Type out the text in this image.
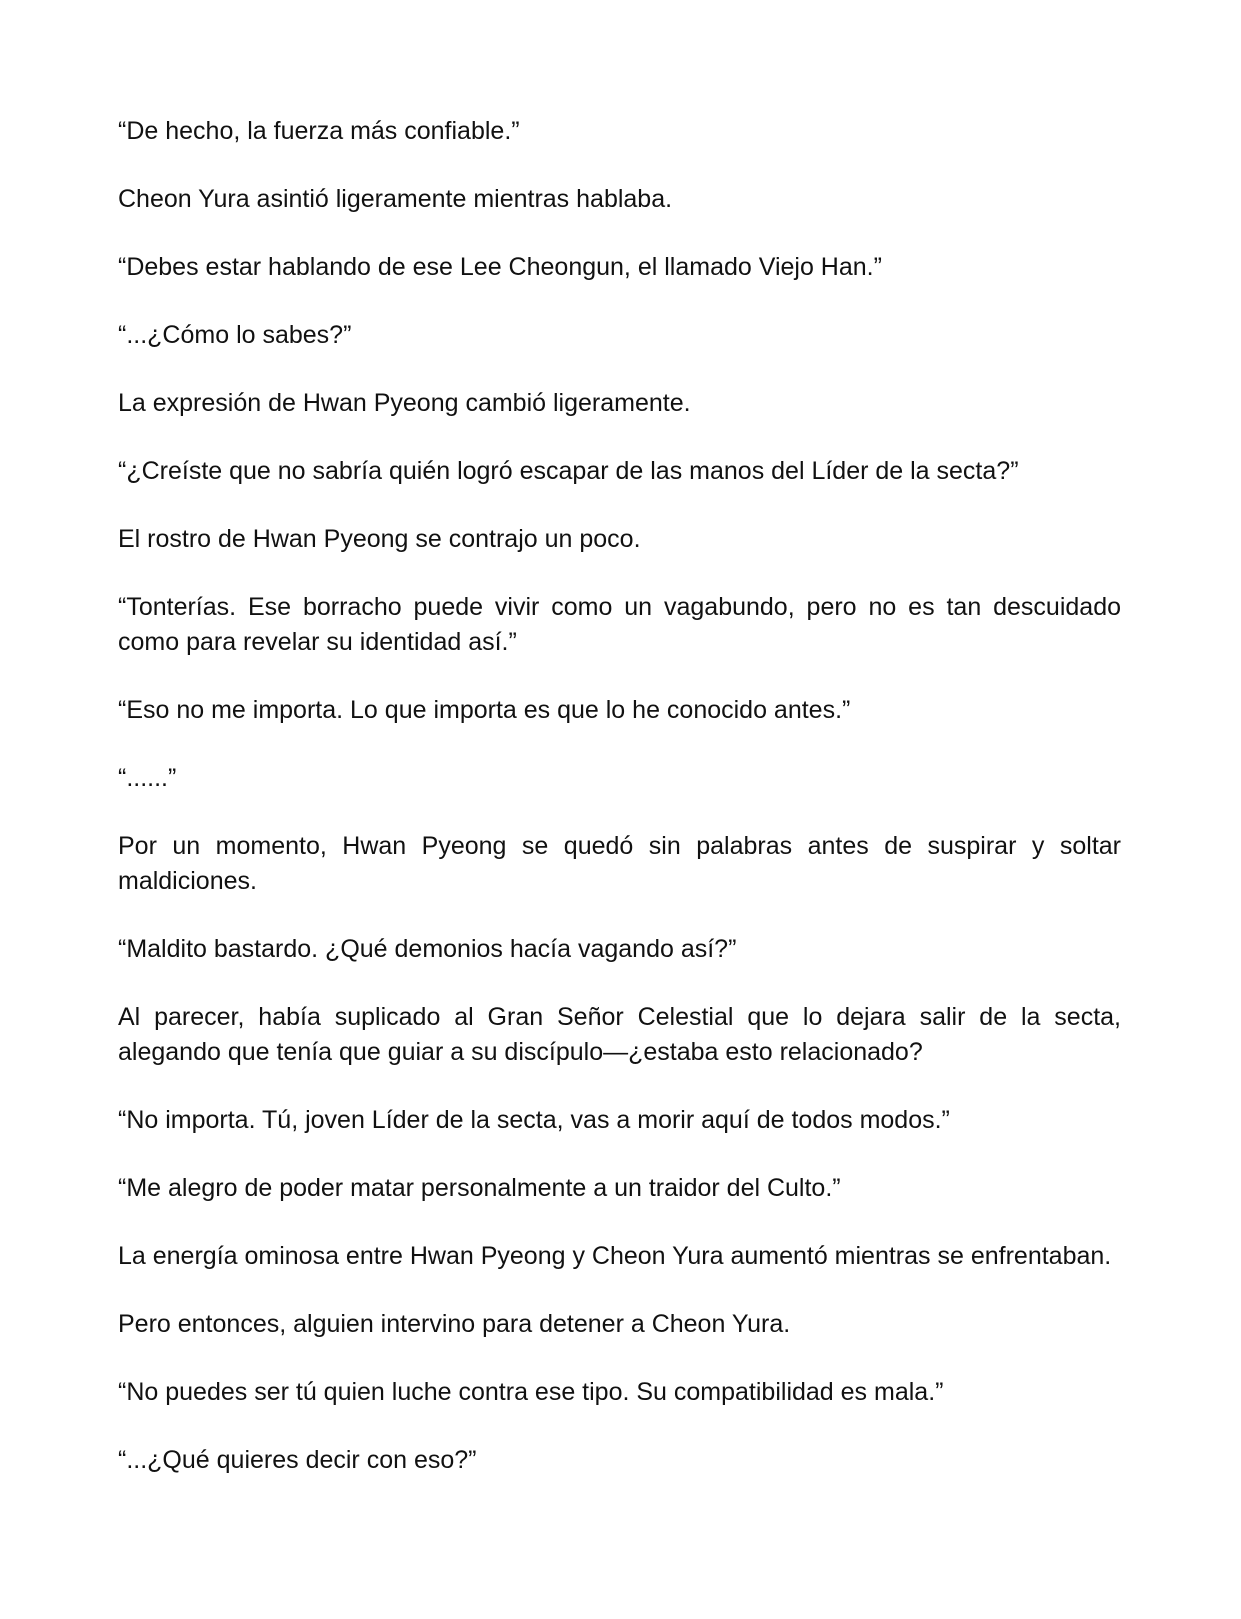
“De hecho, la fuerza más confiable.”

Cheon Yura asintió ligeramente mientras hablaba.

“Debes estar hablando de ese Lee Cheongun, el llamado Viejo Han.”

“...¿Cómo lo sabes?”

La expresión de Hwan Pyeong cambió ligeramente.

“¿Creíste que no sabría quién logró escapar de las manos del Líder de la secta?”

El rostro de Hwan Pyeong se contrajo un poco.

“Tonterías. Ese borracho puede vivir como un vagabundo, pero no es tan descuidado como para revelar su identidad así.”

“Eso no me importa. Lo que importa es que lo he conocido antes.”

“......”

Por un momento, Hwan Pyeong se quedó sin palabras antes de suspirar y soltar maldiciones.

“Maldito bastardo. ¿Qué demonios hacía vagando así?”

Al parecer, había suplicado al Gran Señor Celestial que lo dejara salir de la secta, alegando que tenía que guiar a su discípulo—¿estaba esto relacionado?

“No importa. Tú, joven Líder de la secta, vas a morir aquí de todos modos.”

“Me alegro de poder matar personalmente a un traidor del Culto.”

La energía ominosa entre Hwan Pyeong y Cheon Yura aumentó mientras se enfrentaban.

Pero entonces, alguien intervino para detener a Cheon Yura.

“No puedes ser tú quien luche contra ese tipo. Su compatibilidad es mala.”

“...¿Qué quieres decir con eso?”
